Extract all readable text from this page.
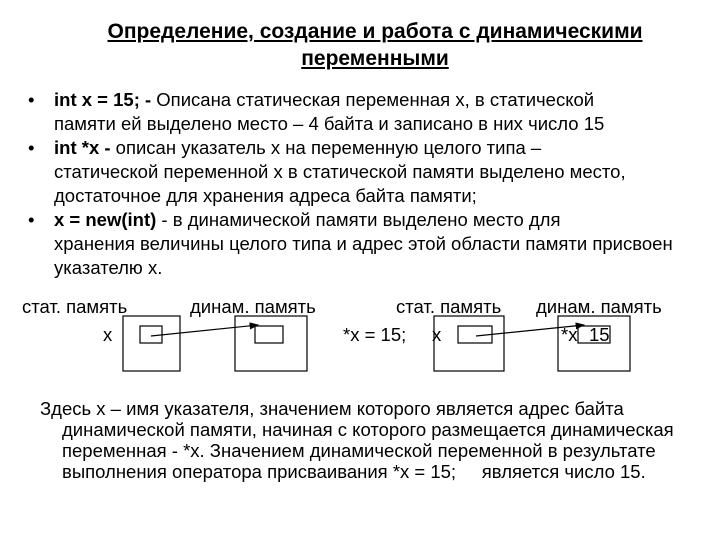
Определение, создание и работа с динамическими
переменными
• int x = 15; - Описана статическая переменная x, в статической
памяти ей выделено место – 4 байта и записано в них число 15
• int *x - описан указатель x на переменную целого типа –
статической переменной x в статической памяти выделено место, достаточное для хранения адреса байта памяти;
• x = new(int) - в динамической памяти выделено место для
хранения величины целого типа и адрес этой области памяти присвоен указателю x.
стат. память	динам. память	стат. память динам. память
x	*x = 15; x	*x 15
Здесь x – имя указателя, значением которого является адрес байта
динамической памяти, начиная с которого размещается динамическая переменная - *x. Значением динамической переменной в результате выполнения оператора присваивания *x = 15;     является число 15.
